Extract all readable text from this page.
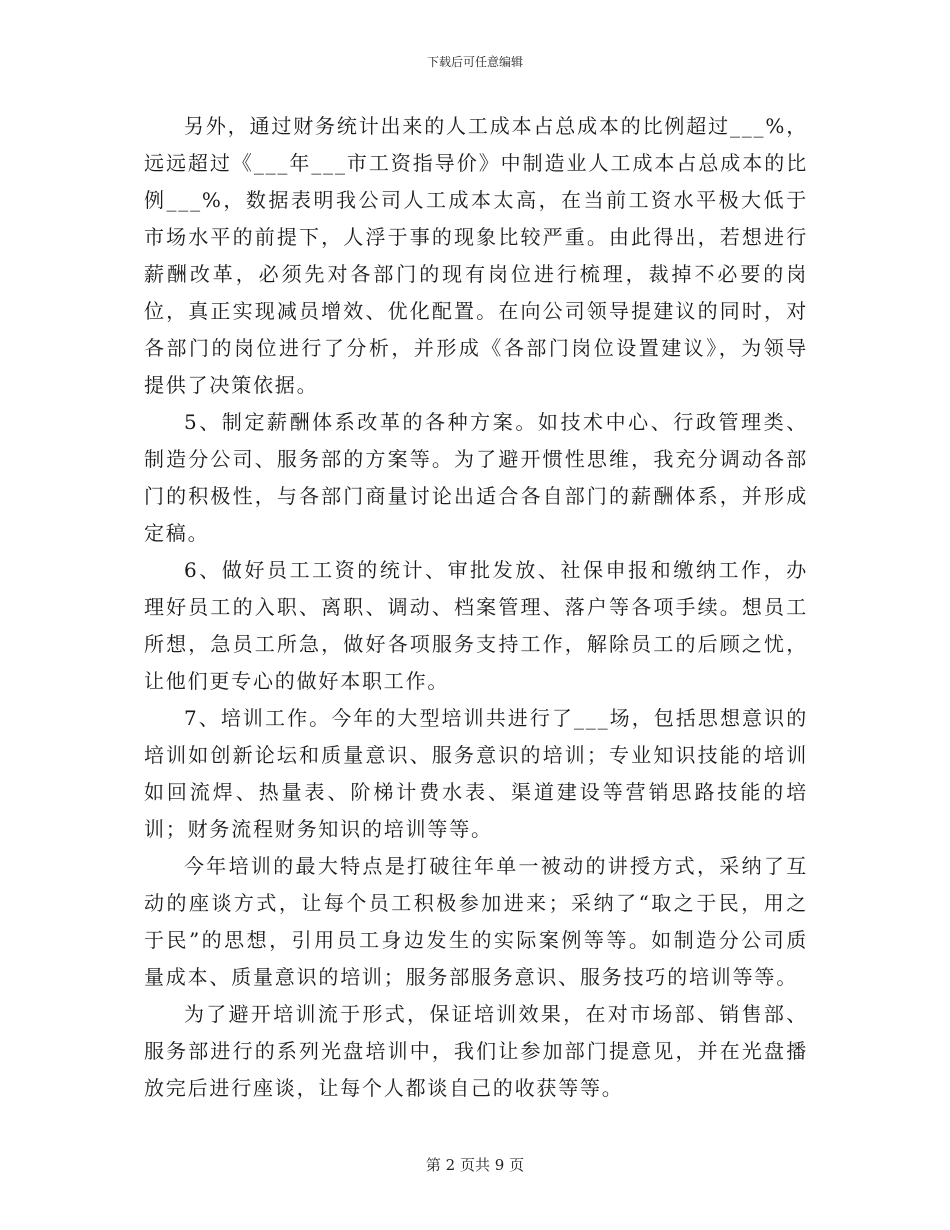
下载后可任意编辑

另外，通过财务统计出来的人工成本占总成本的比例超过___%，远远超过《___年___市工资指导价》中制造业人工成本占总成本的比例___%，数据表明我公司人工成本太高，在当前工资水平极大低于市场水平的前提下，人浮于事的现象比较严重。由此得出，若想进行薪酬改革，必须先对各部门的现有岗位进行梳理，裁掉不必要的岗位，真正实现减员增效、优化配置。在向公司领导提建议的同时，对各部门的岗位进行了分析，并形成《各部门岗位设置建议》，为领导提供了决策依据。

5、制定薪酬体系改革的各种方案。如技术中心、行政管理类、制造分公司、服务部的方案等。为了避开惯性思维，我充分调动各部门的积极性，与各部门商量讨论出适合各自部门的薪酬体系，并形成定稿。

6、做好员工工资的统计、审批发放、社保申报和缴纳工作，办理好员工的入职、离职、调动、档案管理、落户等各项手续。想员工所想，急员工所急，做好各项服务支持工作，解除员工的后顾之忧，让他们更专心的做好本职工作。

7、培训工作。今年的大型培训共进行了___场，包括思想意识的培训如创新论坛和质量意识、服务意识的培训；专业知识技能的培训如回流焊、热量表、阶梯计费水表、渠道建设等营销思路技能的培训；财务流程财务知识的培训等等。

今年培训的最大特点是打破往年单一被动的讲授方式，采纳了互动的座谈方式，让每个员工积极参加进来；采纳了“取之于民，用之于民”的思想，引用员工身边发生的实际案例等等。如制造分公司质量成本、质量意识的培训；服务部服务意识、服务技巧的培训等等。

为了避开培训流于形式，保证培训效果，在对市场部、销售部、服务部进行的系列光盘培训中，我们让参加部门提意见，并在光盘播放完后进行座谈，让每个人都谈自己的收获等等。

第 2 页共 9 页
